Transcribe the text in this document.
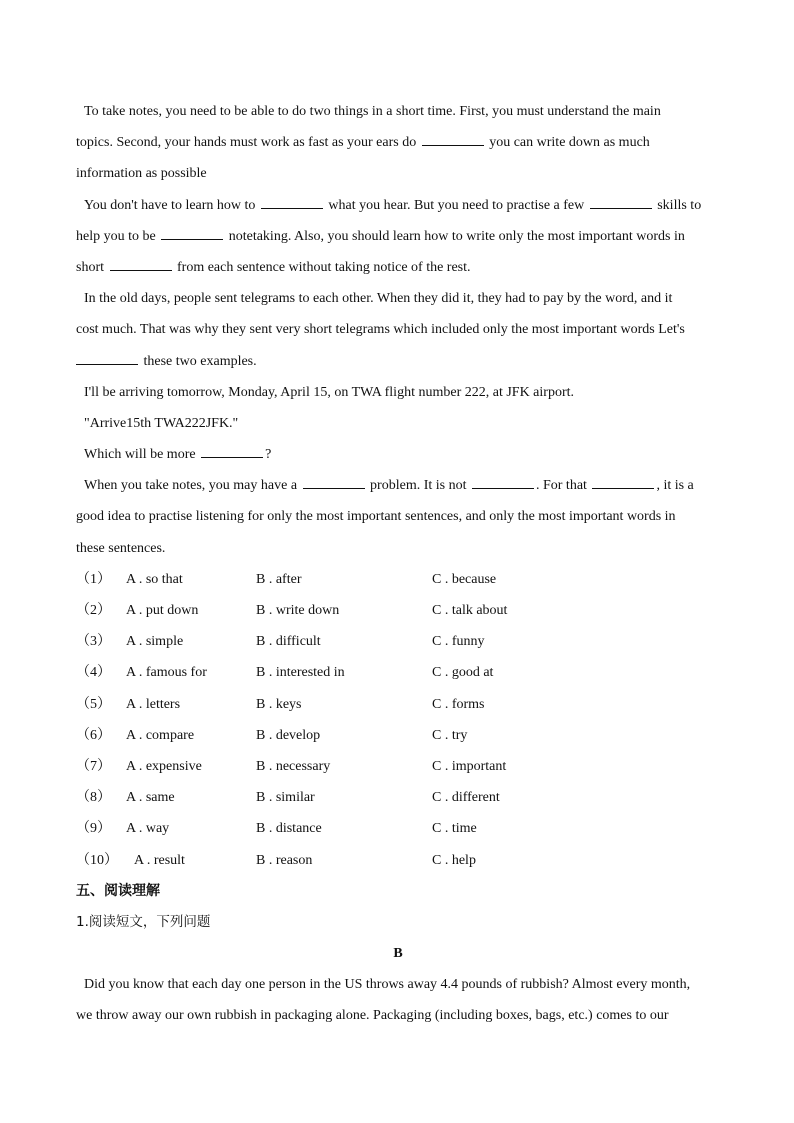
To take notes, you need to be able to do two things in a short time. First, you must understand the main
topics. Second, your hands must work as fast as your ears do	you can write down as much
information as possible
You don't have to learn how to	what you hear. But you need to practise a few	skills to
help you to be	notetaking. Also, you should learn how to write only the most important words in
short	from each sentence without taking notice of the rest.
In the old days, people sent telegrams to each other. When they did it, they had to pay by the word, and it
cost much. That was why they sent very short telegrams which included only the most important words Let's
these two examples.
I'll be arriving tomorrow, Monday, April 15, on TWA flight number 222, at JFK airport.
"Arrive15th TWA222JFK."
Which will be more	?
When you take notes, you may have a	problem. It is not	. For that	, it is a
good idea to practise listening for only the most important sentences, and only the most important words in
these sentences.
（1）	A . so that	B . after	C . because
（2）	A . put down	B . write down	C . talk about
（3）	A . simple	B . difficult	C . funny
（4）	A . famous for	B . interested in	C . good at
（5）	A . letters	B . keys	C . forms
（6）	A . compare	B . develop	C . try
（7）	A . expensive	B . necessary	C . important
（8）	A . same	B . similar	C . different
（9）	A . way	B . distance	C . time
（10）	A . result	B . reason	C . help
五、阅读理解
1.阅读短文，下列问题
B
Did you know that each day one person in the US throws away 4.4 pounds of rubbish? Almost every month,
we throw away our own rubbish in packaging alone. Packaging (including boxes, bags, etc.) comes to our
